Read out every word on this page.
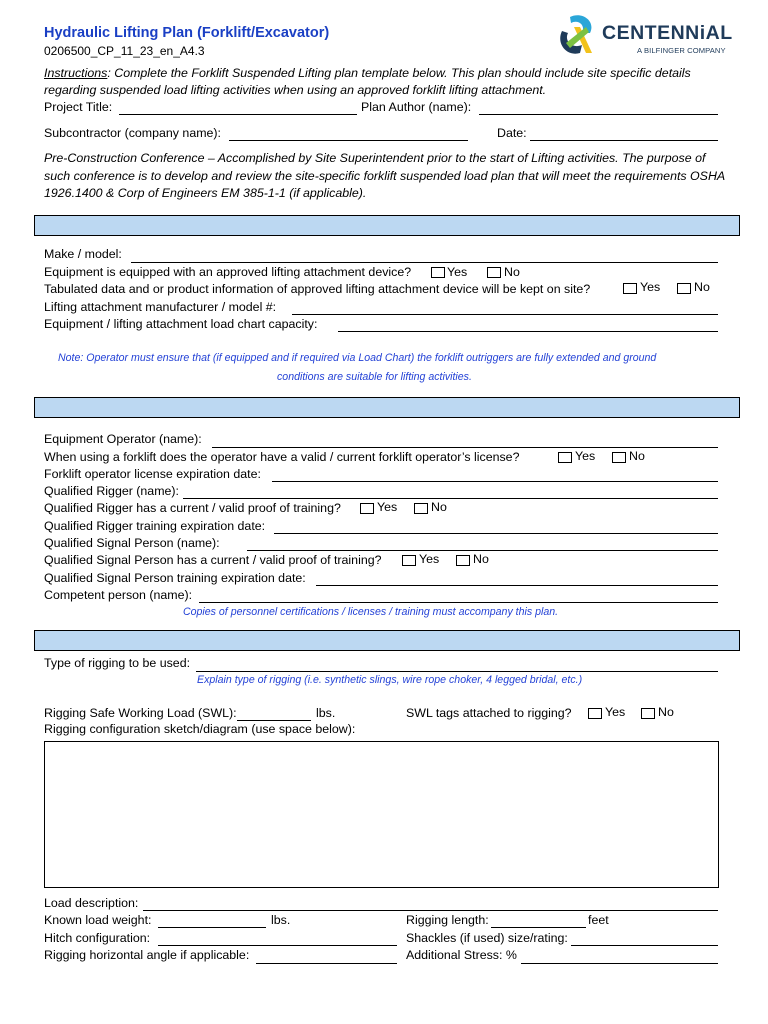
Hydraulic Lifting Plan (Forklift/Excavator)
0206500_CP_11_23_en_A4.3
CENTENNiAL
A BILFINGER COMPANY
Instructions: Complete the Forklift Suspended Lifting plan template below. This plan should include site specific details regarding suspended load lifting activities when using an approved forklift lifting attachment.
Project Title:	Plan Author (name):
Subcontractor (company name):	Date:
Pre-Construction Conference – Accomplished by Site Superintendent prior to the start of Lifting activities. The purpose of such conference is to develop and review the site-specific forklift suspended load plan that will meet the requirements OSHA 1926.1400 & Corp of Engineers EM 385-1-1 (if applicable).
Make / model:
Equipment is equipped with an approved lifting attachment device?	Yes	No
Tabulated data and or product information of approved lifting attachment device will be kept on site?	Yes	No
Lifting attachment manufacturer / model #:
Equipment / lifting attachment load chart capacity:
Note: Operator must ensure that (if equipped and if required via Load Chart) the forklift outriggers are fully extended and ground
conditions are suitable for lifting activities.
Equipment Operator (name):
When using a forklift does the operator have a valid / current forklift operator’s license?	Yes	No
Forklift operator license expiration date:
Qualified Rigger (name):
Qualified Rigger has a current / valid proof of training?	Yes	No
Qualified Rigger training expiration date:
Qualified Signal Person (name):
Qualified Signal Person has a current / valid proof of training?	Yes	No
Qualified Signal Person training expiration date:
Competent person (name):
Copies of personnel certifications / licenses / training must accompany this plan.
Type of rigging to be used:
Explain type of rigging (i.e. synthetic slings, wire rope choker, 4 legged bridal, etc.)
Rigging Safe Working Load (SWL):	lbs.	SWL tags attached to rigging?	Yes	No
Rigging configuration sketch/diagram (use space below):
Load description:
Known load weight:	lbs.	Rigging length:	feet
Hitch configuration:	Shackles (if used) size/rating:
Rigging horizontal angle if applicable:	Additional Stress: %
